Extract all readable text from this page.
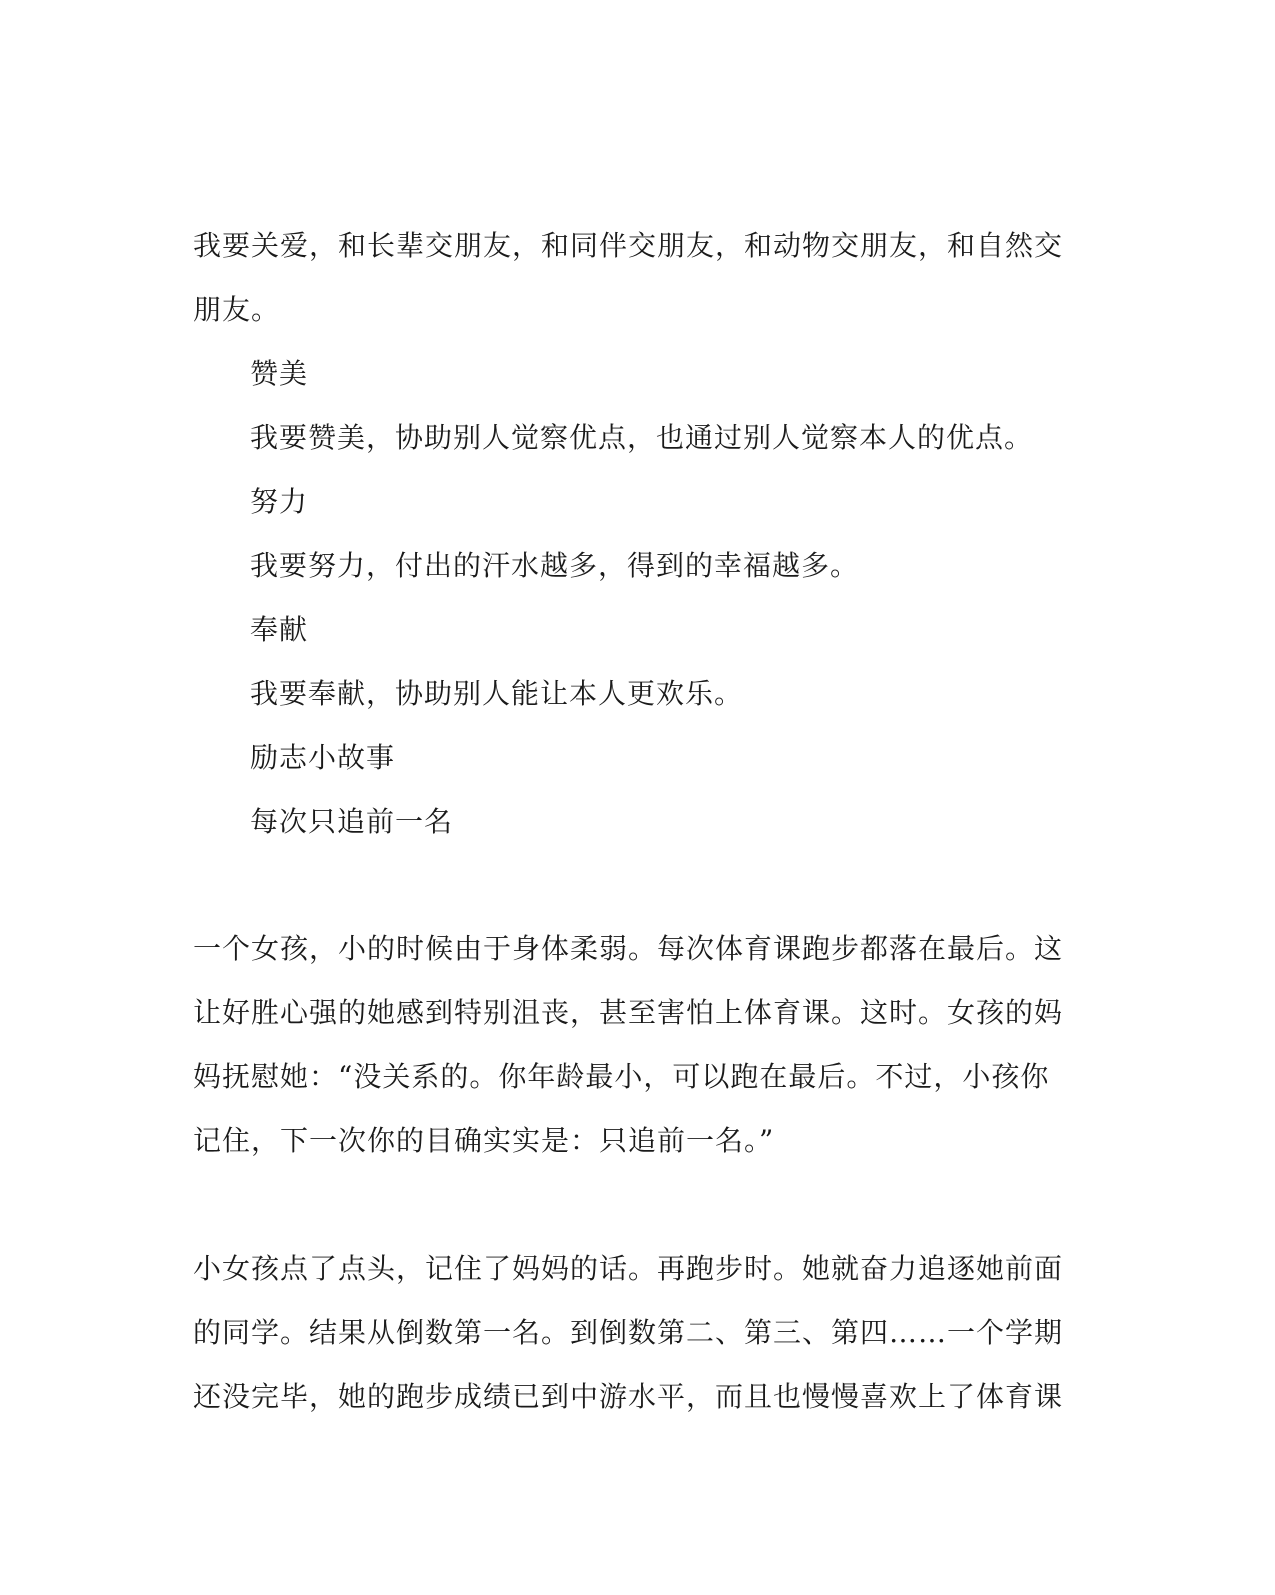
我要关爱，和长辈交朋友，和同伴交朋友，和动物交朋友，和自然交
朋友。
赞美
我要赞美，协助别人觉察优点，也通过别人觉察本人的优点。
努力
我要努力，付出的汗水越多，得到的幸福越多。
奉献
我要奉献，协助别人能让本人更欢乐。
励志小故事
每次只追前一名
一个女孩，小的时候由于身体柔弱。每次体育课跑步都落在最后。这
让好胜心强的她感到特别沮丧，甚至害怕上体育课。这时。女孩的妈
妈抚慰她：“没关系的。你年龄最小，可以跑在最后。不过，小孩你
记住，下一次你的目确实实是：只追前一名。”
小女孩点了点头，记住了妈妈的话。再跑步时。她就奋力追逐她前面
的同学。结果从倒数第一名。到倒数第二、第三、第四……一个学期
还没完毕，她的跑步成绩已到中游水平，而且也慢慢喜欢上了体育课
